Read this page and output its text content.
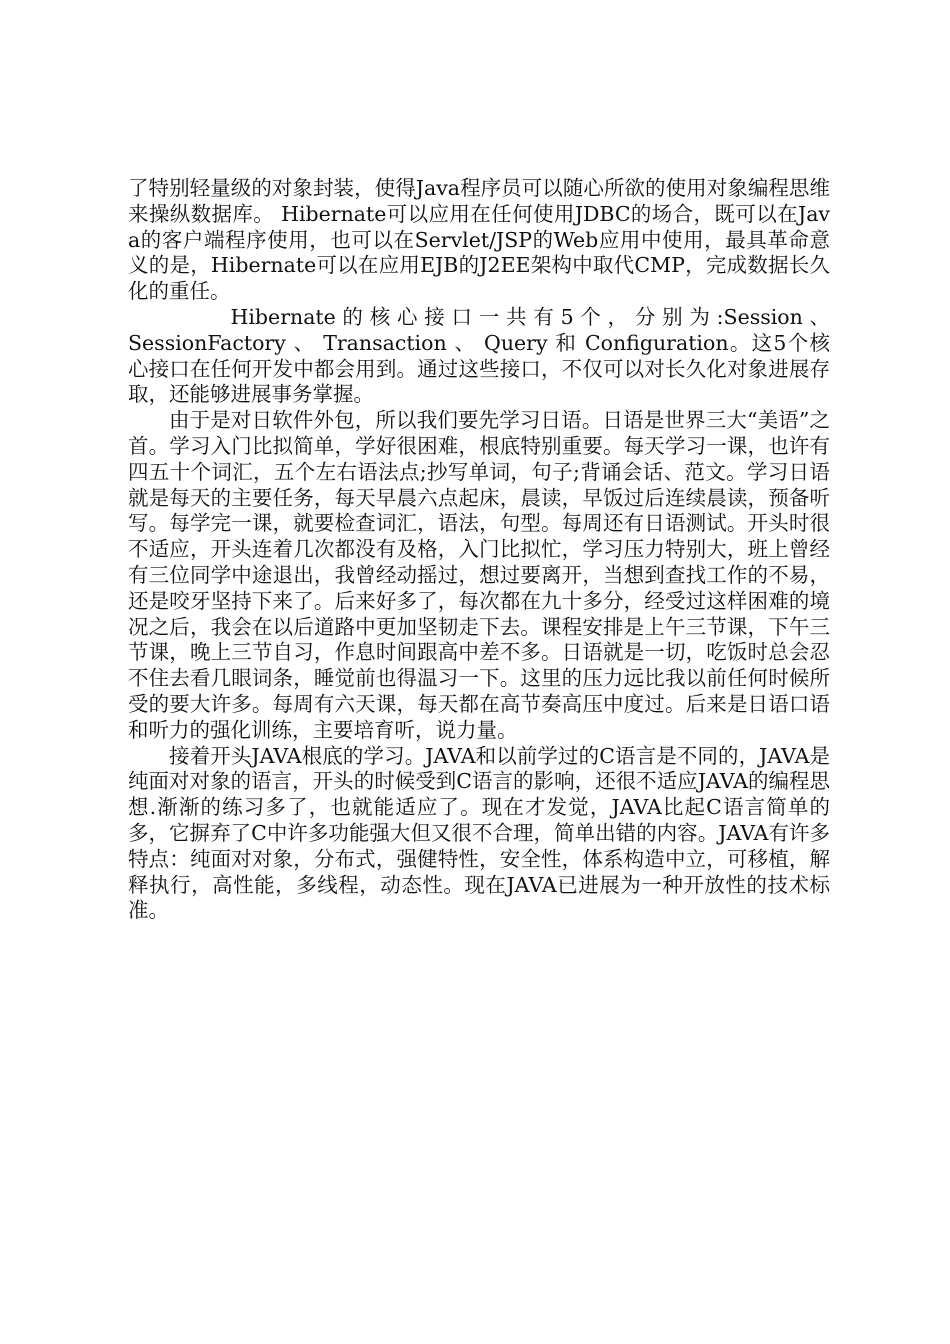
了特别轻量级的对象封装，使得Java程序员可以随心所欲的使用对象编程思维来操纵数据库。 Hibernate可以应用在任何使用JDBC的场合，既可以在Java的客户端程序使用，也可以在Servlet/JSP的Web应用中使用，最具革命意义的是，Hibernate可以在应用EJB的J2EE架构中取代CMP，完成数据长久化的重任。

Hibernate 的 核 心 接 口 一 共 有 5 个 ， 分 别 为 :Session 、 SessionFactory 、 Transaction 、 Query 和 Configuration。这5个核心接口在任何开发中都会用到。通过这些接口，不仅可以对长久化对象进展存取，还能够进展事务掌握。

由于是对日软件外包，所以我们要先学习日语。日语是世界三大“美语”之首。学习入门比拟简单，学好很困难，根底特别重要。每天学习一课，也许有四五十个词汇，五个左右语法点;抄写单词，句子;背诵会话、范文。学习日语就是每天的主要任务，每天早晨六点起床，晨读，早饭过后连续晨读，预备听写。每学完一课，就要检查词汇，语法，句型。每周还有日语测试。开头时很不适应，开头连着几次都没有及格，入门比拟忙，学习压力特别大，班上曾经有三位同学中途退出，我曾经动摇过，想过要离开，当想到查找工作的不易，还是咬牙坚持下来了。后来好多了，每次都在九十多分，经受过这样困难的境况之后，我会在以后道路中更加坚韧走下去。课程安排是上午三节课，下午三节课，晚上三节自习，作息时间跟高中差不多。日语就是一切，吃饭时总会忍不住去看几眼词条，睡觉前也得温习一下。这里的压力远比我以前任何时候所受的要大许多。每周有六天课，每天都在高节奏高压中度过。后来是日语口语和听力的强化训练，主要培育听，说力量。

接着开头JAVA根底的学习。JAVA和以前学过的C语言是不同的，JAVA是纯面对对象的语言，开头的时候受到C语言的影响，还很不适应JAVA的编程思想.渐渐的练习多了，也就能适应了。现在才发觉，JAVA比起C语言简单的多，它摒弃了C中许多功能强大但又很不合理，简单出错的内容。JAVA有许多特点：纯面对对象，分布式，强健特性，安全性，体系构造中立，可移植，解释执行，高性能，多线程，动态性。现在JAVA已进展为一种开放性的技术标准。
